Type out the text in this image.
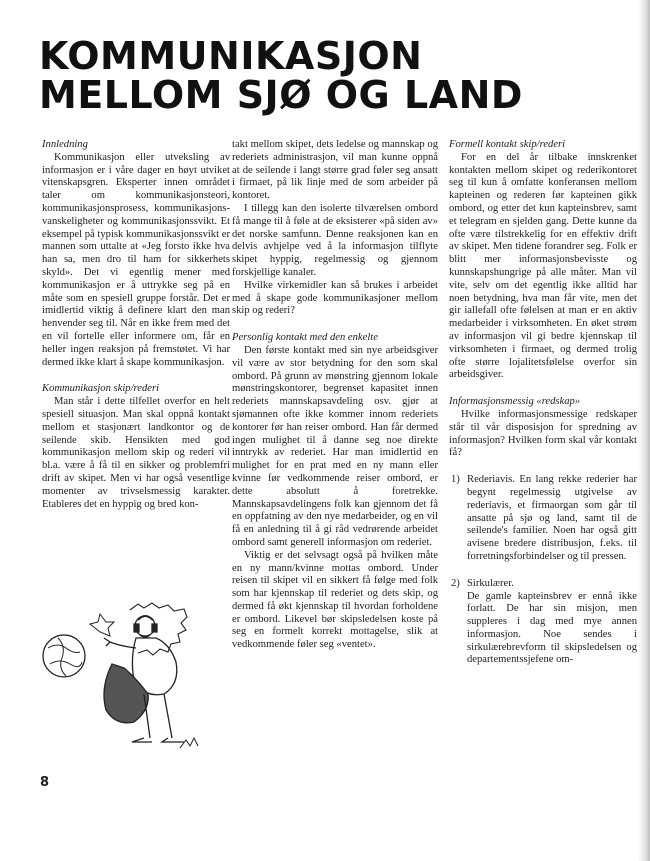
KOMMUNIKASJON
MELLOM SJØ OG LAND

Innledning

Kommunikasjon eller utveksling av informasjon er i våre dager en høyt utviket vitenskapsgren. Eksperter innen området taler om kommunikasjonsteori, kommunikasjonsprosess, kommunikasjons-vanskeligheter og kommunikasjonssvikt. Et eksempel på typisk kommunikasjonssvikt er mannen som uttalte at «Jeg forsto ikke hva han sa, men dro til ham for sikkerhets skyld». Det vi egentlig mener med kommunikasjon er å uttrykke seg på en måte som en spesiell gruppe forstår. Det er imidlertid viktig å definere klart den man henvender seg til. Når en ikke frem med det en vil fortelle eller informere om, får en heller ingen reaksjon på fremstøtet. Vi har dermed ikke klart å skape kommunikasjon.

Kommunikasjon skip/rederi

Man står i dette tilfellet overfor en helt spesiell situasjon. Man skal oppnå kontakt mellom et stasjonært landkontor og de seilende skib. Hensikten med god kommunikasjon mellom skip og rederi vil bl.a. være å få til en sikker og problemfri drift av skipet. Men vi har også vesentlige momenter av trivselsmessig karakter. Etableres det en hyppig og bred kon-

takt mellom skipet, dets ledelse og mannskap og rederiets administrasjon, vil man kunne oppnå at de seilende i langt større grad føler seg ansatt i firmaet, på lik linje med de som arbeider på kontoret.

I tillegg kan den isolerte tilværelsen ombord få mange til å føle at de eksisterer «på siden av» det norske samfunn. Denne reaksjonen kan en delvis avhjelpe ved å la informasjon tilflyte skipet hyppig, regelmessig og gjennom forskjellige kanaler.

Hvilke virkemidler kan så brukes i arbeidet med å skape gode kommunikasjoner mellom skip og rederi?

Personlig kontakt med den enkelte

Den første kontakt med sin nye arbeidsgiver vil være av stor betydning for den som skal ombord. På grunn av mønstring gjennom lokale mønstringskontorer, begrenset kapasitet innen rederiets mannskapsavdeling osv. gjør at sjømannen ofte ikke kommer innom rederiets kontorer før han reiser ombord. Han får dermed ingen mulighet til å danne seg noe direkte inntrykk av rederiet. Har man imidlertid en mulighet for en prat med en ny mann eller kvinne før vedkommende reiser ombord, er dette absolutt å foretrekke. Mannskapsavdelingens folk kan gjennom det få en oppfatning av den nye medarbeider, og en vil få en anledning til å gi råd vedrørende arbeidet ombord samt generell informasjon om rederiet.

Viktig er det selvsagt også på hvilken måte en ny mann/kvinne mottas ombord. Under reisen til skipet vil en sikkert få følge med folk som har kjennskap til rederiet og dets skip, og dermed få økt kjennskap til hvordan forholdene er ombord. Likevel bør skipsledelsen koste på seg en formelt korrekt mottagelse, slik at vedkommende føler seg «ventet».

Formell kontakt skip/rederi

For en del år tilbake innskrenket kontakten mellom skipet og rederikontoret seg til kun å omfatte konferansen mellom kapteinen og rederen før kapteinen gikk ombord, og etter det kun kapteinsbrev, samt et telegram en sjelden gang. Dette kunne da ofte være tilstrekkelig for en effektiv drift av skipet. Men tidene forandrer seg. Folk er blitt mer informasjonsbevisste og kunnskapshungrige på alle måter. Man vil vite, selv om det egentlig ikke alltid har noen betydning, hva man får vite, men det gir iallefall ofte følelsen at man er en aktiv medarbeider i virksomheten. En øket strøm av informasjon vil gi bedre kjennskap til virksomheten i firmaet, og dermed trolig ofte større lojalitetsfølelse overfor sin arbeidsgiver.

Informasjonsmessig «redskap»

Hvilke informasjonsmessige redskaper står til vår disposisjon for spredning av informasjon? Hvilken form skal vår kontakt få?

1) Rederiavis. En lang rekke rederier har begynt regelmessig utgivelse av rederiavis, et firmaorgan som går til ansatte på sjø og land, samt til de seilende's familier. Noen har også gitt avisene bredere distribusjon, f.eks. til forretningsforbindelser og til pressen.
2) Sirkulærer.
De gamle kapteinsbrev er ennå ikke forlatt. De har sin misjon, men suppleres i dag med mye annen informasjon. Noe sendes i sirkulærebrevform til skipsledelsen og departementssjefene om-

8
